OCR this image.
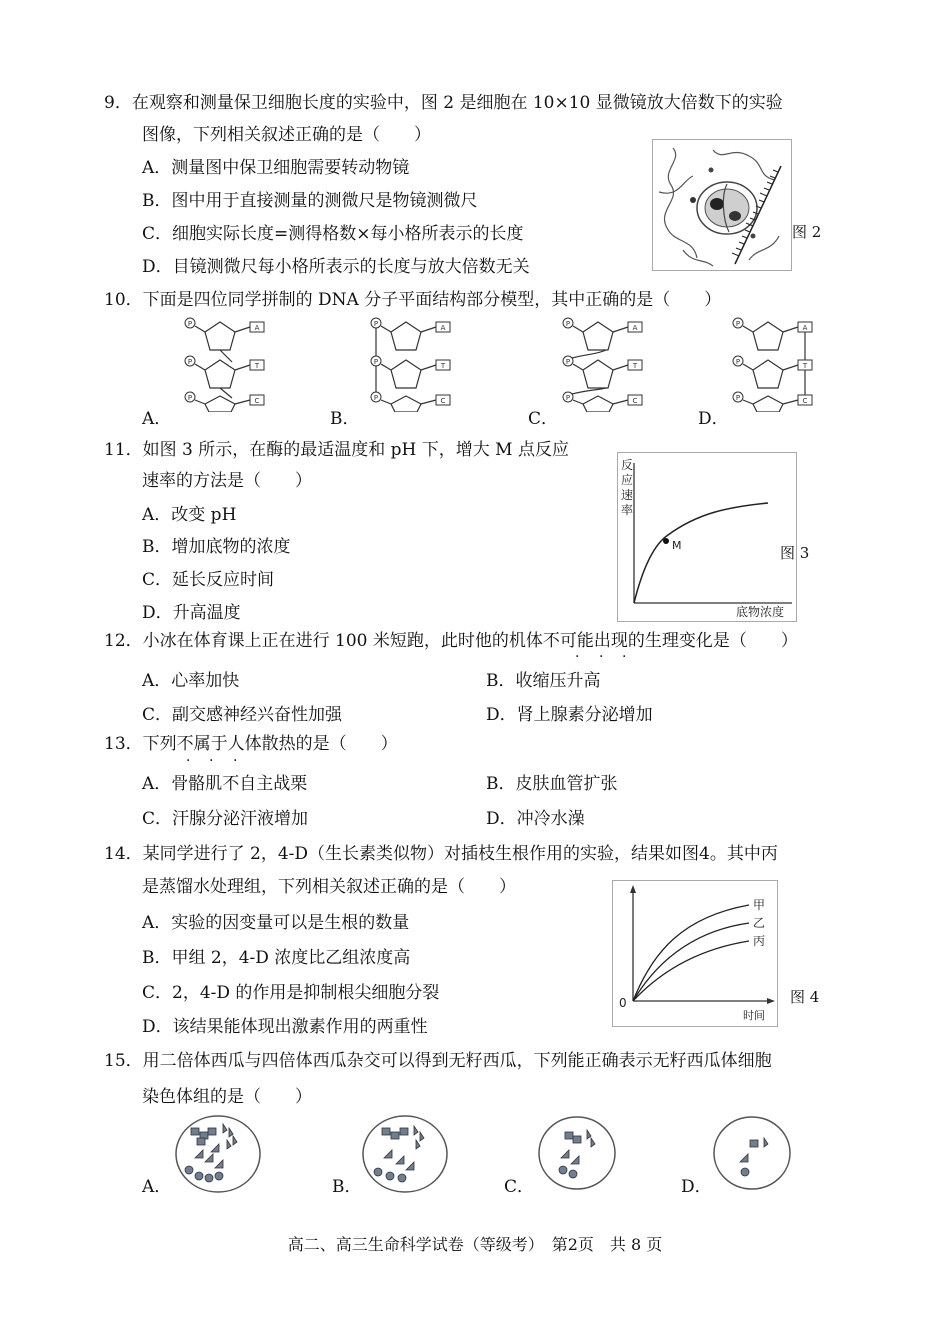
9．在观察和测量保卫细胞长度的实验中，图 2 是细胞在 10×10 显微镜放大倍数下的实验
图像，下列相关叙述正确的是（　　）
A．测量图中保卫细胞需要转动物镜
B．图中用于直接测量的测微尺是物镜测微尺
C．细胞实际长度=测得格数×每小格所表示的长度
D．目镜测微尺每小格所表示的长度与放大倍数无关
图 2
10．下面是四位同学拼制的 DNA 分子平面结构部分模型，其中正确的是（　　）
P
P
P
A
T
C
P
P
P
A
T
C
P
P
P
A
T
C
P
P
P
A
T
C
A．	B．	C．	D．
11．如图 3 所示，在酶的最适温度和 pH 下，增大 M 点反应
速率的方法是（　　）
A．改变 pH
B．增加底物的浓度
C．延长反应时间
D．升高温度
M
反
应
速
率
底物浓度
图 3
12．小冰在体育课上正在进行 100 米短跑，此时他的机体不可能出现的生理变化是（　　）
· · ·
A．心率加快	B．收缩压升高
C．副交感神经兴奋性加强	D．肾上腺素分泌增加
13．下列不属于人体散热的是（　　）
· · ·
A．骨骼肌不自主战栗	B．皮肤血管扩张
C．汗腺分泌汗液增加	D．冲冷水澡
14．某同学进行了 2，4-D（生长素类似物）对插枝生根作用的实验，结果如图4。其中丙
是蒸馏水处理组，下列相关叙述正确的是（　　）
A．实验的因变量可以是生根的数量
B．甲组 2，4-D 浓度比乙组浓度高
C．2，4-D 的作用是抑制根尖细胞分裂
D．该结果能体现出激素作用的两重性
甲
乙
丙
0
时间
图 4
15．用二倍体西瓜与四倍体西瓜杂交可以得到无籽西瓜，下列能正确表示无籽西瓜体细胞
染色体组的是（　　）
A．	B．	C．	D．
高二、高三生命科学试卷（等级考）　第2页　共 8 页
